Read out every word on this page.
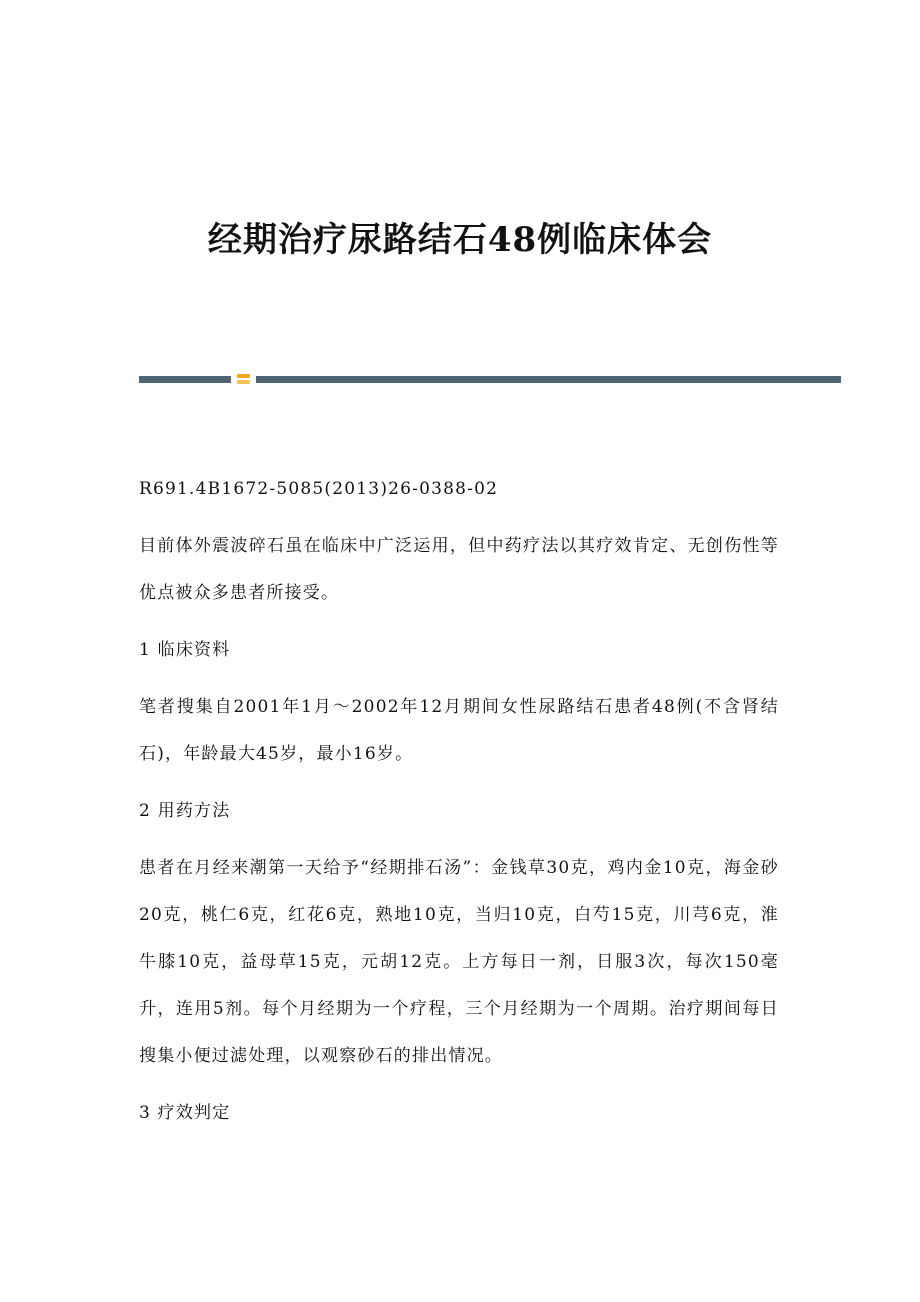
经期治疗尿路结石48例临床体会

R691.4B1672-5085(2013)26-0388-02

目前体外震波碎石虽在临床中广泛运用，但中药疗法以其疗效肯定、无创伤性等优点被众多患者所接受。

1 临床资料

笔者搜集自2001年1月～2002年12月期间女性尿路结石患者48例(不含肾结石)，年龄最大45岁，最小16岁。

2 用药方法

患者在月经来潮第一天给予“经期排石汤”：金钱草30克，鸡内金10克，海金砂20克，桃仁6克，红花6克，熟地10克，当归10克，白芍15克，川芎6克，淮牛膝10克，益母草15克，元胡12克。上方每日一剂，日服3次，每次150毫升，连用5剂。每个月经期为一个疗程，三个月经期为一个周期。治疗期间每日搜集小便过滤处理，以观察砂石的排出情况。

3 疗效判定
